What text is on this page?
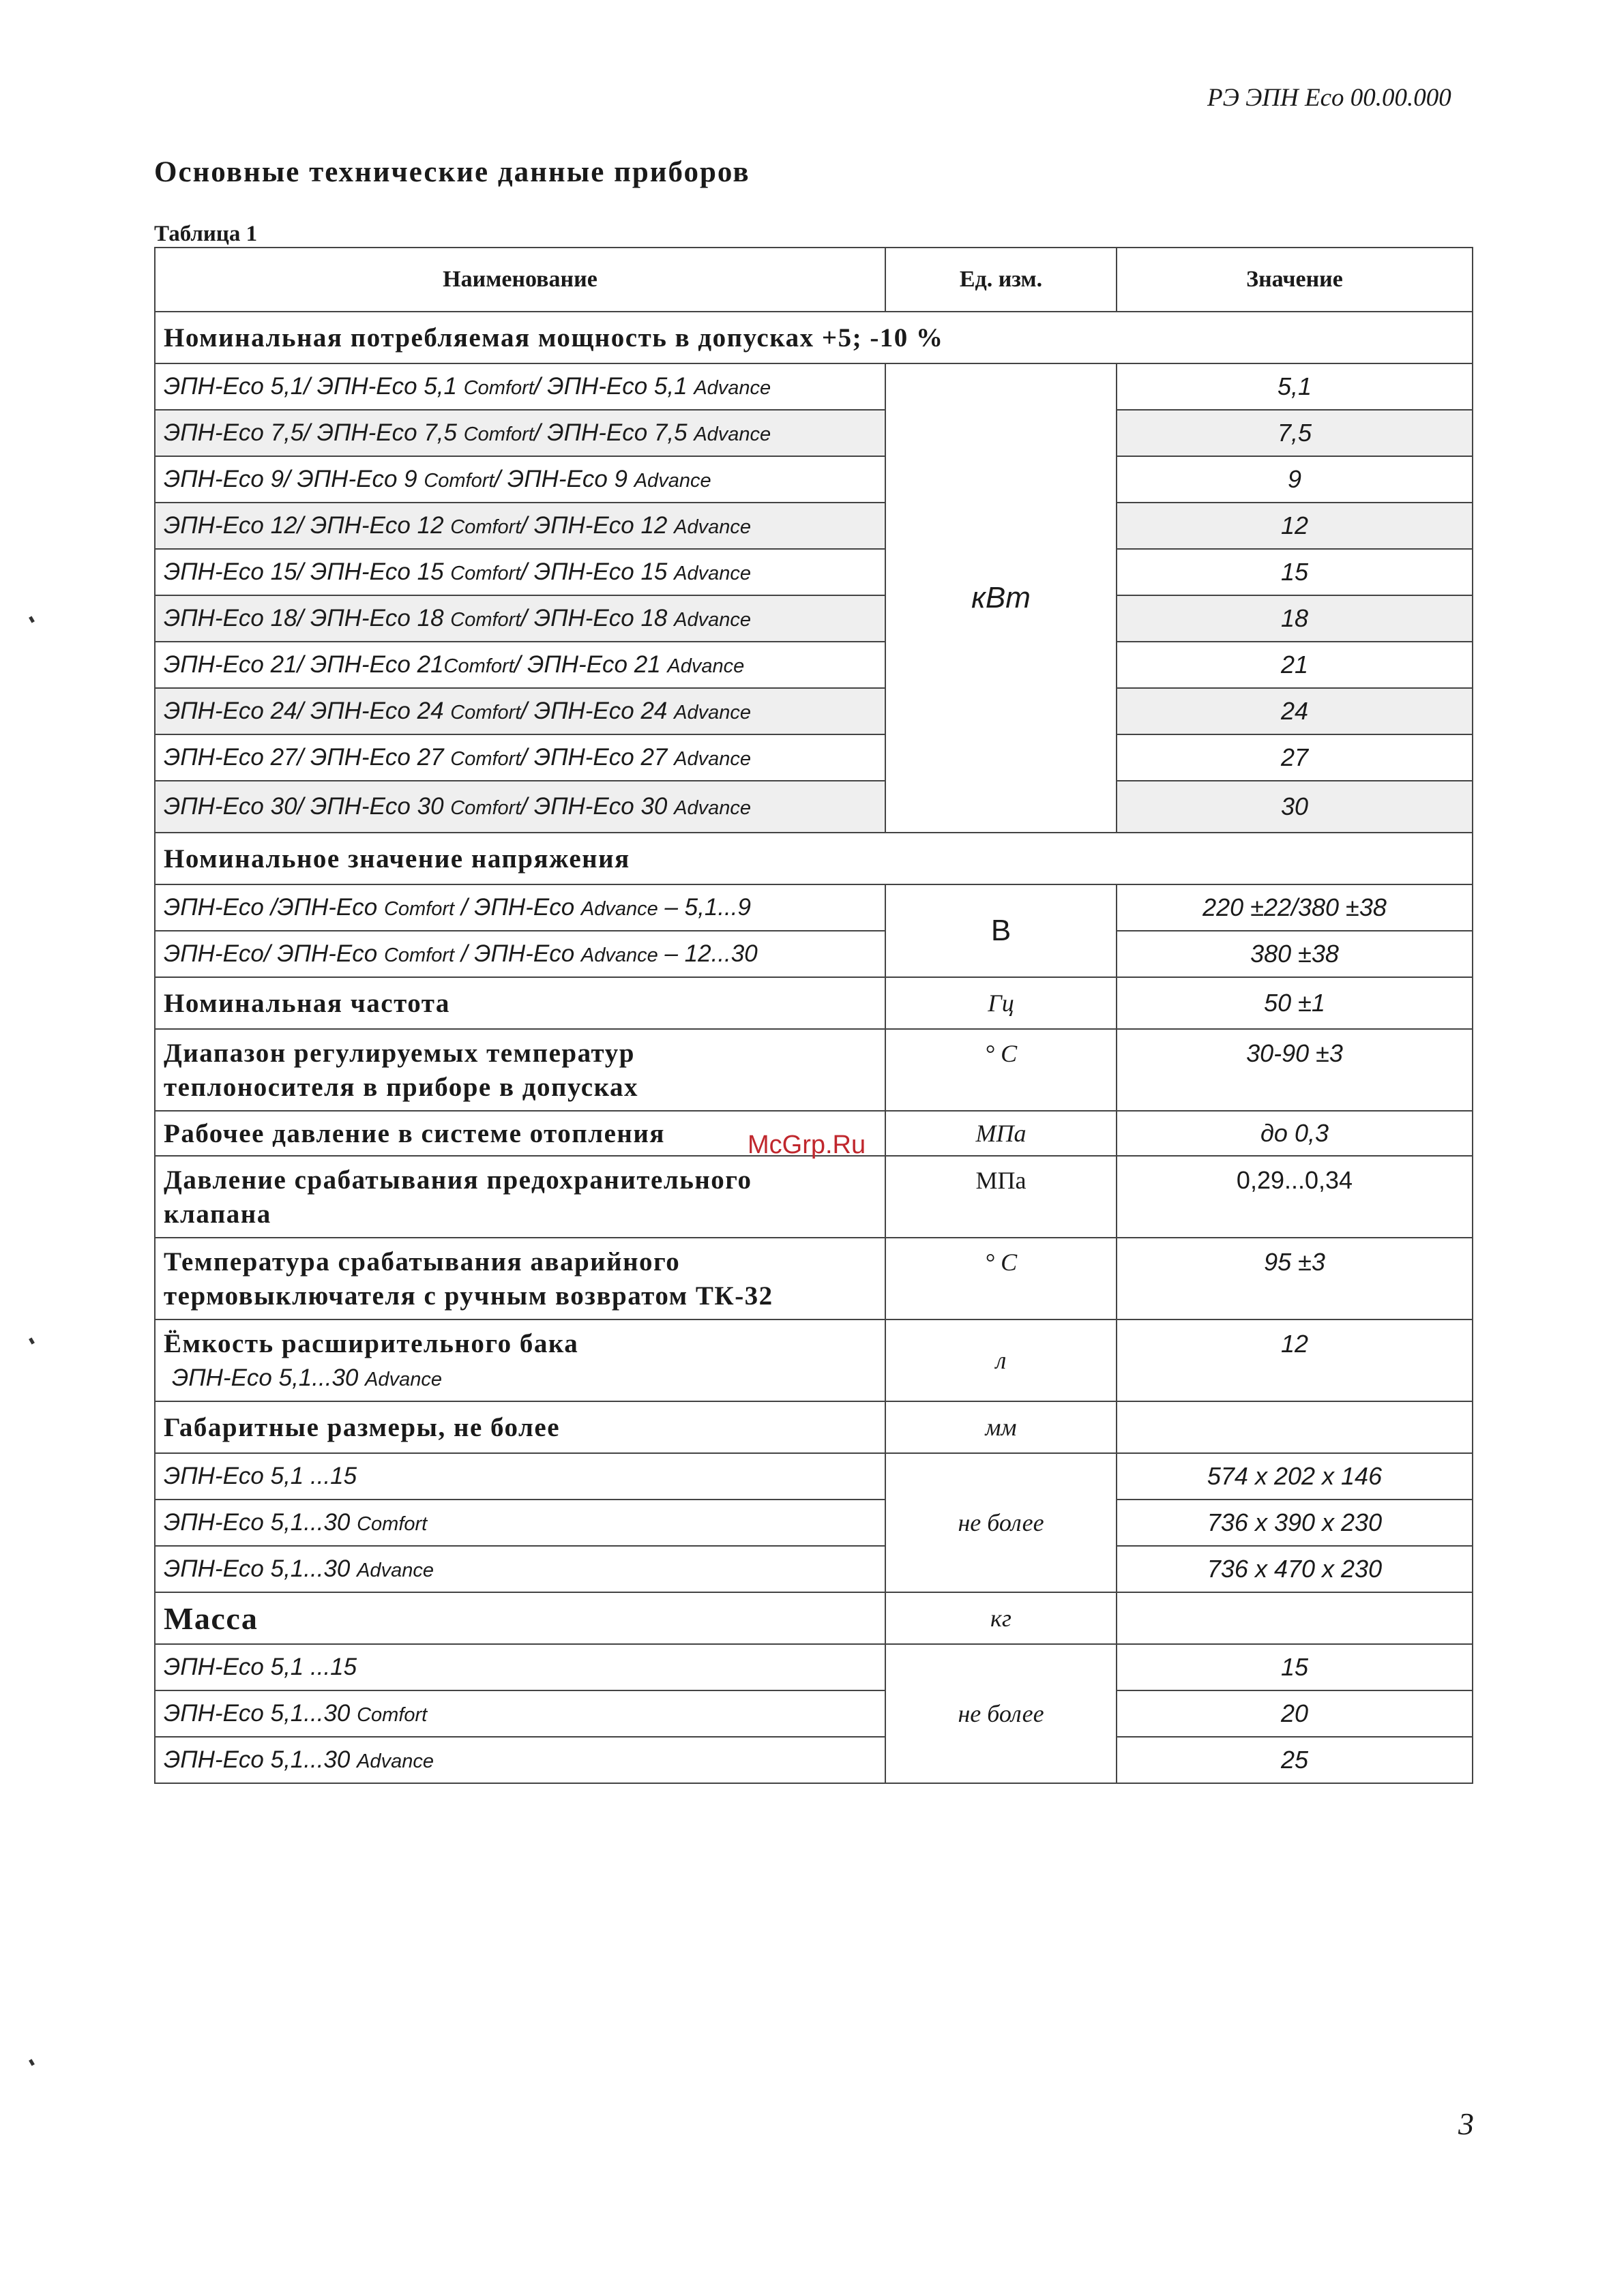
РЭ ЭПН Eco 00.00.000
Основные технические данные приборов
Таблица 1
Наименование	Ед. изм.	Значение
Номинальная потребляемая мощность в допусках +5; -10 %		
ЭПН-Eco 5,1/ ЭПН-Eco 5,1 Comfort/ ЭПН-Eco 5,1 Advance	кВт	5,1
ЭПН-Eco 7,5/ ЭПН-Eco 7,5 Comfort/ ЭПН-Eco 7,5 Advance		7,5
ЭПН-Eco 9/ ЭПН-Eco 9 Comfort/ ЭПН-Eco 9 Advance		9
ЭПН-Eco 12/ ЭПН-Eco 12 Comfort/ ЭПН-Eco 12 Advance		12
ЭПН-Eco 15/ ЭПН-Eco 15 Comfort/ ЭПН-Eco 15 Advance		15
ЭПН-Eco 18/ ЭПН-Eco 18 Comfort/ ЭПН-Eco 18 Advance		18
ЭПН-Eco 21/ ЭПН-Eco 21Comfort/ ЭПН-Eco 21 Advance		21
ЭПН-Eco 24/ ЭПН-Eco 24 Comfort/ ЭПН-Eco 24 Advance		24
ЭПН-Eco 27/ ЭПН-Eco 27 Comfort/ ЭПН-Eco 27 Advance		27
ЭПН-Eco 30/ ЭПН-Eco 30 Comfort/ ЭПН-Eco 30 Advance		30
Номинальное значение напряжения		
ЭПН-Eco /ЭПН-Eco Comfort / ЭПН-Eco Advance – 5,1...9	В	220 ±22/380 ±38
ЭПН-Eco/ ЭПН-Eco Comfort / ЭПН-Eco Advance – 12...30		380 ±38
Номинальная частота	Гц	50 ±1

Диапазон регулируемых температур
теплоносителя в приборе в допусках	° C	30-90 ±3
Рабочее давление в системе отопления	МПа	до 0,3

Давление срабатывания предохранительного
клапана	МПа	0,29...0,34

Температура срабатывания аварийного
термовыключателя с ручным возвратом ТК-32	° C	95 ±3

Ёмкость расширительного бака
ЭПН-Eco 5,1...30 Advance	л	12
Габаритные размеры, не более	мм	
ЭПН-Eco 5,1 ...15	не более	574 x 202 x 146
ЭПН-Eco 5,1...30 Comfort		736 x 390 x 230
ЭПН-Eco 5,1...30 Advance		736 x 470 x 230
Масса	кг	
ЭПН-Eco 5,1 ...15	не более	15
ЭПН-Eco 5,1...30 Comfort		20
ЭПН-Eco 5,1...30 Advance		25
McGrp.Ru
3
